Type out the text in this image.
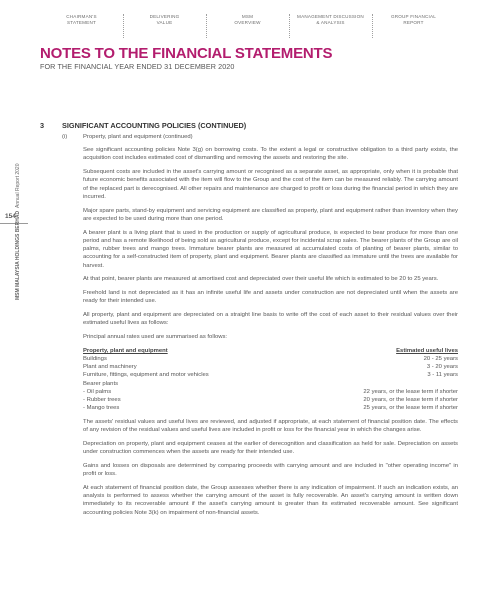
CHAIRMAN'S
STATEMENT
DELIVERING
VALUE
MSM
OVERVIEW
MANAGEMENT DISCUSSION
& ANALYSIS
GROUP FINANCIAL
REPORT
NOTES TO THE FINANCIAL STATEMENTS
FOR THE FINANCIAL YEAR ENDED 31 DECEMBER 2020
154 MSM MALAYSIA HOLDINGS BERHAD

Annual Report 2020
3	SIGNIFICANT ACCOUNTING POLICIES (CONTINUED)
(i)	Property, plant and equipment (continued)

See significant accounting policies Note 3(g) on borrowing costs. To the extent a legal or constructive obligation to a third party exists, the acquisition cost includes estimated cost of dismantling and removing the assets and restoring the site.

Subsequent costs are included in the asset's carrying amount or recognised as a separate asset, as appropriate, only when it is probable that future economic benefits associated with the item will flow to the Group and the cost of the item can be measured reliably. The carrying amount of the replaced part is derecognised. All other repairs and maintenance are charged to profit or loss during the financial period in which they are incurred.

Major spare parts, stand-by equipment and servicing equipment are classified as property, plant and equipment rather than inventory when they are expected to be used during more than one period.

A bearer plant is a living plant that is used in the production or supply of agricultural produce, is expected to bear produce for more than one period and has a remote likelihood of being sold as agricultural produce, except for incidental scrap sales. The bearer plants of the Group are oil palms, rubber trees and mango trees. Immature bearer plants are measured at accumulated costs of planting of bearer plants, similar to accounting for a self-constructed item of property, plant and equipment. Bearer plants are classified as immature until the trees are available for harvest.

At that point, bearer plants are measured at amortised cost and depreciated over their useful life which is estimated to be 20 to 25 years.

Freehold land is not depreciated as it has an infinite useful life and assets under construction are not depreciated until when the assets are ready for their intended use.

All property, plant and equipment are depreciated on a straight line basis to write off the cost of each asset to their residual values over their estimated useful lives as follows:

Principal annual rates used are summarised as follows:

Property, plant and equipment	Estimated useful lives
Buildings	20 - 25 years
Plant and machinery	3 - 20 years
Furniture, fittings, equipment and motor vehicles	3 - 11 years
Bearer plants
- Oil palms	22 years, or the lease term if shorter
- Rubber trees	20 years, or the lease term if shorter
- Mango trees	25 years, or the lease term if shorter

The assets' residual values and useful lives are reviewed, and adjusted if appropriate, at each statement of financial position date. The effects of any revision of the residual values and useful lives are included in profit or loss for the financial year in which the changes arise.

Depreciation on property, plant and equipment ceases at the earlier of derecognition and classification as held for sale. Depreciation on assets under construction commences when the assets are ready for their intended use.

Gains and losses on disposals are determined by comparing proceeds with carrying amount and are included in "other operating income" in profit or loss.

At each statement of financial position date, the Group assesses whether there is any indication of impairment. If such an indication exists, an analysis is performed to assess whether the carrying amount of the asset is fully recoverable. An asset's carrying amount is written down immediately to its recoverable amount if the asset's carrying amount is greater than its estimated recoverable amount. See significant accounting policies Note 3(k) on impairment of non-financial assets.
